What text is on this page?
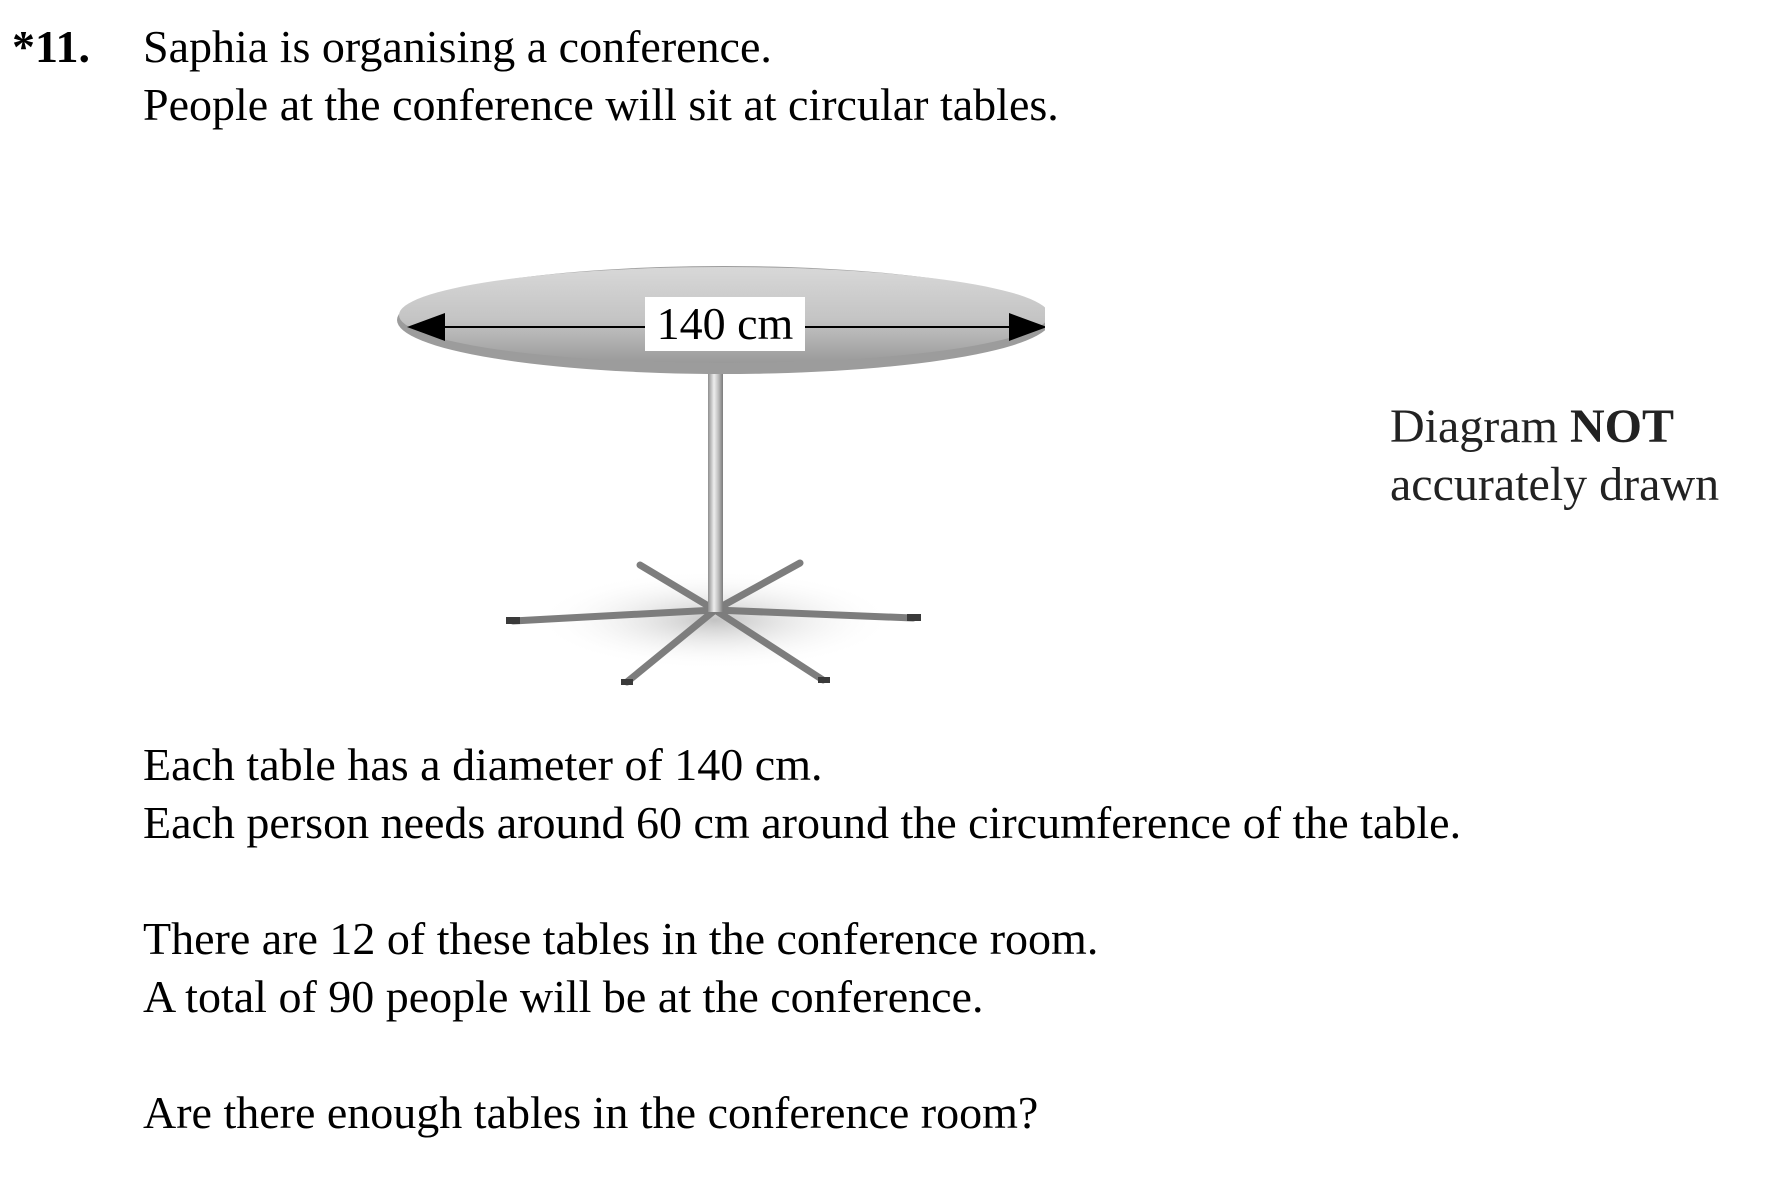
*11. Saphia is organising a conference.
People at the conference will sit at circular tables.
140 cm
Diagram NOT
accurately drawn
Each table has a diameter of 140 cm.
Each person needs around 60 cm around the circumference of the table.
There are 12 of these tables in the conference room.
A total of 90 people will be at the conference.
Are there enough tables in the conference room?
